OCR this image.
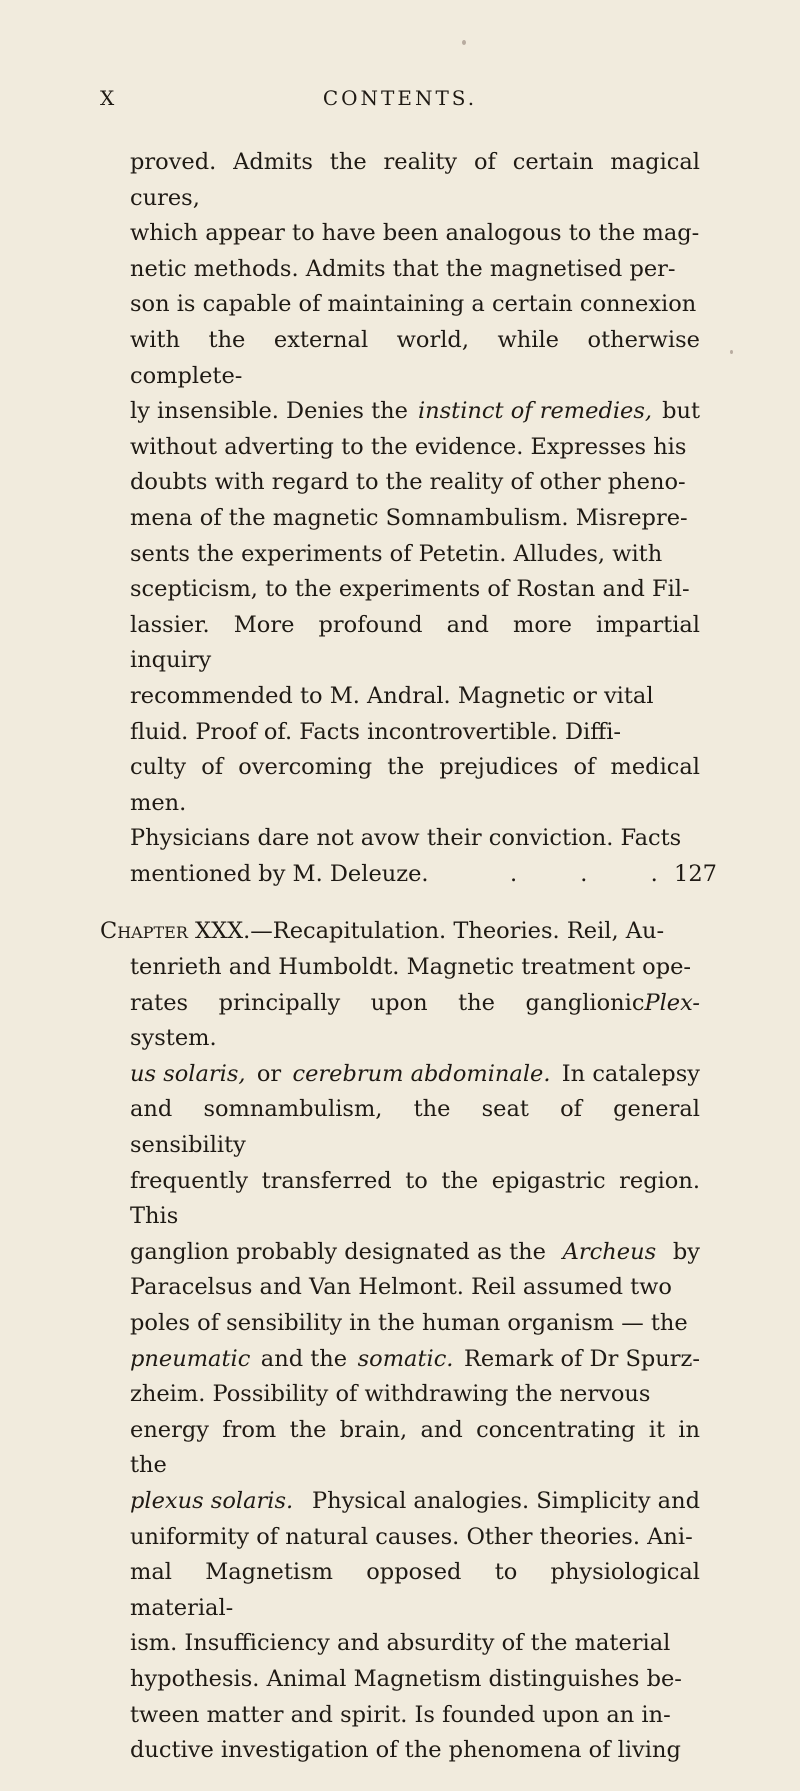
X	CONTENTS.
proved. Admits the reality of certain magical cures,
which appear to have been analogous to the mag-
netic methods. Admits that the magnetised per-
son is capable of maintaining a certain connexion
with the external world, while otherwise complete-
ly insensible. Denies the instinct of remedies, but
without adverting to the evidence. Expresses his
doubts with regard to the reality of other pheno-
mena of the magnetic Somnambulism. Misrepre-
sents the experiments of Petetin. Alludes, with
scepticism, to the experiments of Rostan and Fil-
lassier. More profound and more impartial inquiry
recommended to M. Andral. Magnetic or vital
fluid. Proof of. Facts incontrovertible. Diffi-
culty of overcoming the prejudices of medical men.
Physicians dare not avow their conviction. Facts
mentioned by M. Deleuze.	. . .
127
Chapter XXX.—Recapitulation. Theories. Reil, Au-
tenrieth and Humboldt. Magnetic treatment ope-
rates principally upon the ganglionic system.
Plex-
us solaris, or cerebrum abdominale. In catalepsy
and somnambulism, the seat of general sensibility
frequently transferred to the epigastric region. This
ganglion probably designated as the Archeus by
Paracelsus and Van Helmont. Reil assumed two
poles of sensibility in the human organism — the
pneumatic and the somatic. Remark of Dr Spurz-
zheim. Possibility of withdrawing the nervous
energy from the brain, and concentrating it in the
plexus solaris. Physical analogies. Simplicity and
uniformity of natural causes. Other theories. Ani-
mal Magnetism opposed to physiological material-
ism. Insufficiency and absurdity of the material
hypothesis. Animal Magnetism distinguishes be-
tween matter and spirit. Is founded upon an in-
ductive investigation of the phenomena of living
